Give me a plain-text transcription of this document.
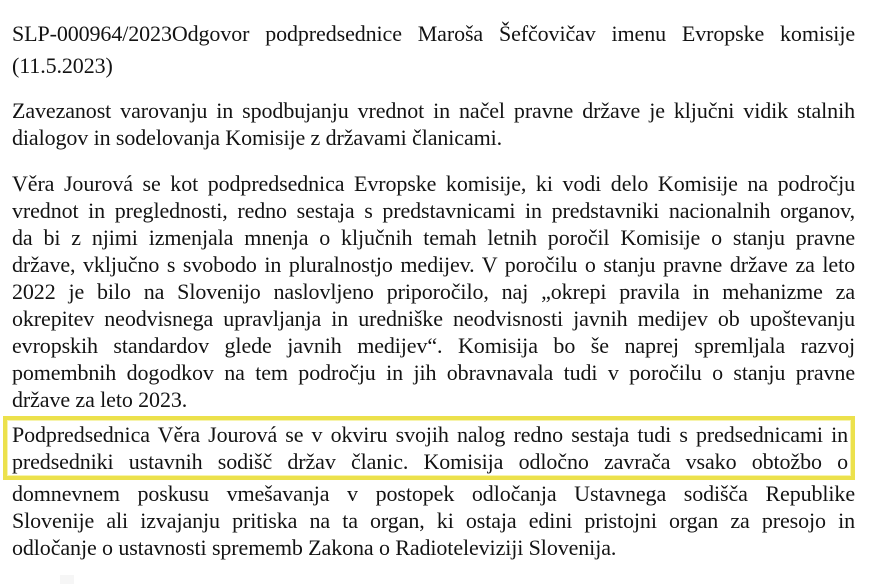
SLP-000964/2023Odgovor podpredsednice Maroša Šefčovičav imenu Evropske komisije
(11.5.2023)
Zavezanost varovanju in spodbujanju vrednot in načel pravne države je ključni vidik stalnih
dialogov in sodelovanja Komisije z državami članicami.
Věra Jourová se kot podpredsednica Evropske komisije, ki vodi delo Komisije na področju
vrednot in preglednosti, redno sestaja s predstavnicami in predstavniki nacionalnih organov,
da bi z njimi izmenjala mnenja o ključnih temah letnih poročil Komisije o stanju pravne
države, vključno s svobodo in pluralnostjo medijev. V poročilu o stanju pravne države za leto
2022 je bilo na Slovenijo naslovljeno priporočilo, naj „okrepi pravila in mehanizme za
okrepitev neodvisnega upravljanja in uredniške neodvisnosti javnih medijev ob upoštevanju
evropskih standardov glede javnih medijev“. Komisija bo še naprej spremljala razvoj
pomembnih dogodkov na tem področju in jih obravnavala tudi v poročilu o stanju pravne
države za leto 2023.
Podpredsednica Věra Jourová se v okviru svojih nalog redno sestaja tudi s predsednicami in
predsedniki ustavnih sodišč držav članic. Komisija odločno zavrača vsako obtožbo o
domnevnem poskusu vmešavanja v postopek odločanja Ustavnega sodišča Republike
Slovenije ali izvajanju pritiska na ta organ, ki ostaja edini pristojni organ za presojo in
odločanje o ustavnosti sprememb Zakona o Radioteleviziji Slovenija.
